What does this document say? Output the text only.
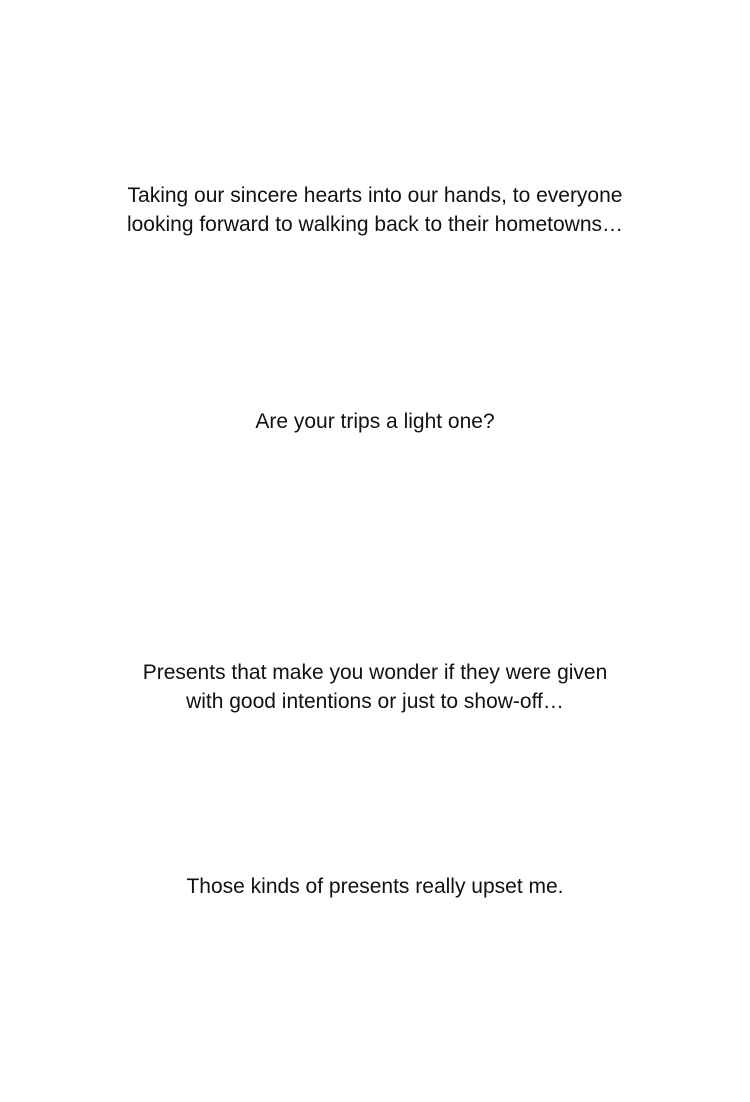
Taking our sincere hearts into our hands, to everyone
looking forward to walking back to their hometowns…
Are your trips a light one?
Presents that make you wonder if they were given
with good intentions or just to show-off…
Those kinds of presents really upset me.
